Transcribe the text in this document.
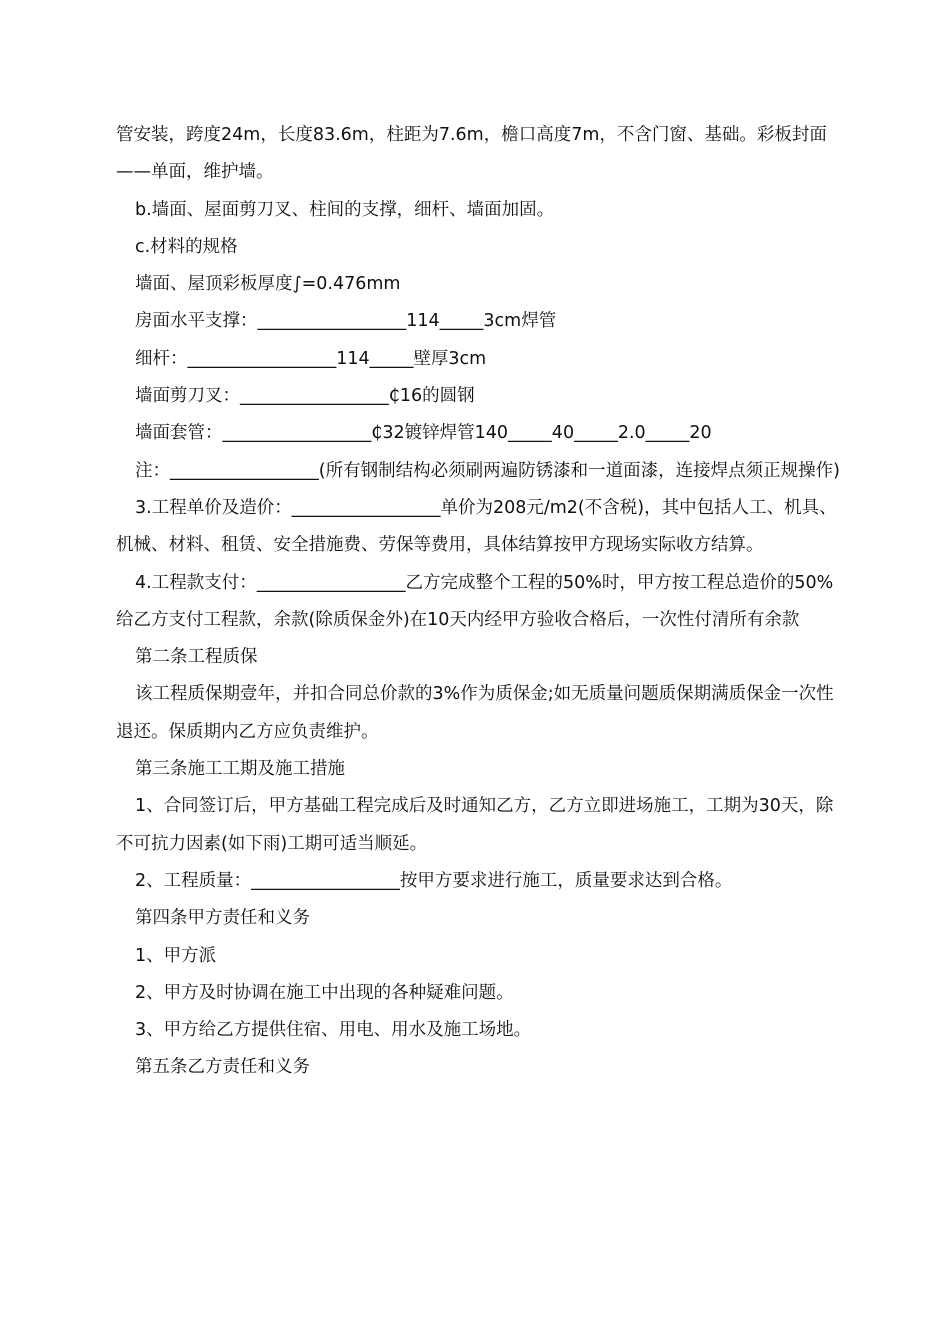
管安装，跨度24m，长度83.6m，柱距为7.6m，檐口高度7m，不含门窗、基础。彩板封面——单面，维护墙。

b.墙面、屋面剪刀叉、柱间的支撑，细杆、墙面加固。

c.材料的规格

墙面、屋顶彩板厚度∫=0.476mm

房面水平支撑：_________________114_____3cm焊管

细杆：_________________114_____壁厚3cm

墙面剪刀叉：_________________₵16的圆钢

墙面套管：_________________₵32镀锌焊管140_____40_____2.0_____20

注：_________________(所有钢制结构必须刷两遍防锈漆和一道面漆，连接焊点须正规操作)

3.工程单价及造价：_________________单价为208元/m2(不含税)，其中包括人工、机具、机械、材料、租赁、安全措施费、劳保等费用，具体结算按甲方现场实际收方结算。

4.工程款支付：_________________乙方完成整个工程的50%时，甲方按工程总造价的50%给乙方支付工程款，余款(除质保金外)在10天内经甲方验收合格后，一次性付清所有余款

第二条工程质保

该工程质保期壹年，并扣合同总价款的3%作为质保金;如无质量问题质保期满质保金一次性退还。保质期内乙方应负责维护。

第三条施工工期及施工措施

1、合同签订后，甲方基础工程完成后及时通知乙方，乙方立即进场施工，工期为30天，除不可抗力因素(如下雨)工期可适当顺延。

2、工程质量：_________________按甲方要求进行施工，质量要求达到合格。

第四条甲方责任和义务

1、甲方派

2、甲方及时协调在施工中出现的各种疑难问题。

3、甲方给乙方提供住宿、用电、用水及施工场地。

第五条乙方责任和义务
